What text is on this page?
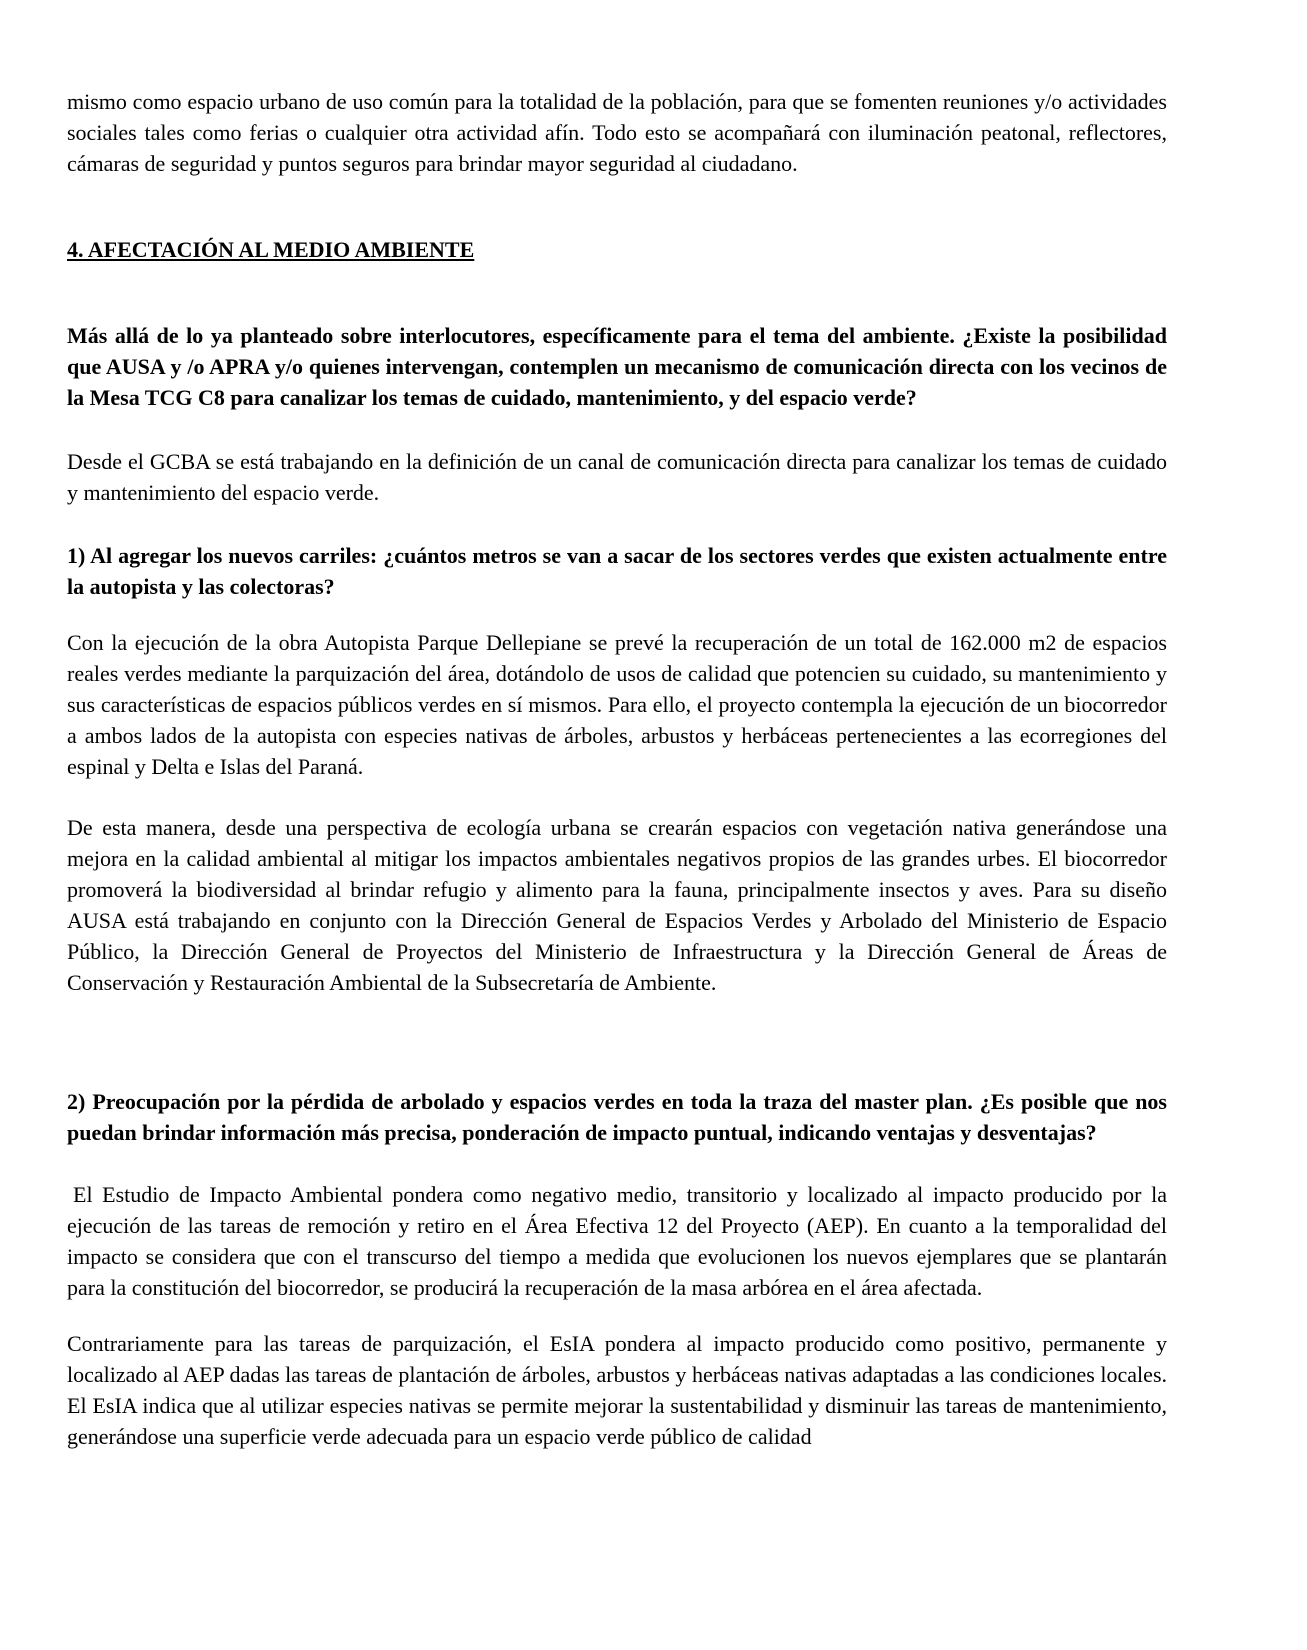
mismo como espacio urbano de uso común para la totalidad de la población, para que se fomenten reuniones y/o actividades sociales tales como ferias o cualquier otra actividad afín. Todo esto se acompañará con iluminación peatonal, reflectores, cámaras de seguridad y puntos seguros para brindar mayor seguridad al ciudadano.

4. AFECTACIÓN AL MEDIO AMBIENTE

Más allá de lo ya planteado sobre interlocutores, específicamente para el tema del ambiente. ¿Existe la posibilidad que AUSA y /o APRA y/o quienes intervengan, contemplen un mecanismo de comunicación directa con los vecinos de la Mesa TCG C8 para canalizar los temas de cuidado, mantenimiento, y del espacio verde?

Desde el GCBA se está trabajando en la definición de un canal de comunicación directa para canalizar los temas de cuidado y mantenimiento del espacio verde.

1) Al agregar los nuevos carriles: ¿cuántos metros se van a sacar de los sectores verdes que existen actualmente entre la autopista y las colectoras?

Con la ejecución de la obra Autopista Parque Dellepiane se prevé la recuperación de un total de 162.000 m2 de espacios reales verdes mediante la parquización del área, dotándolo de usos de calidad que potencien su cuidado, su mantenimiento y sus características de espacios públicos verdes en sí mismos. Para ello, el proyecto contempla la ejecución de un biocorredor a ambos lados de la autopista con especies nativas de árboles, arbustos y herbáceas pertenecientes a las ecorregiones del espinal y Delta e Islas del Paraná.

De esta manera, desde una perspectiva de ecología urbana se crearán espacios con vegetación nativa generándose una mejora en la calidad ambiental al mitigar los impactos ambientales negativos propios de las grandes urbes. El biocorredor promoverá la biodiversidad al brindar refugio y alimento para la fauna, principalmente insectos y aves. Para su diseño AUSA está trabajando en conjunto con la Dirección General de Espacios Verdes y Arbolado del Ministerio de Espacio Público, la Dirección General de Proyectos del Ministerio de Infraestructura y la Dirección General de Áreas de Conservación y Restauración Ambiental de la Subsecretaría de Ambiente.

2) Preocupación por la pérdida de arbolado y espacios verdes en toda la traza del master plan. ¿Es posible que nos puedan brindar información más precisa, ponderación de impacto puntual, indicando ventajas y desventajas?

El Estudio de Impacto Ambiental pondera como negativo medio, transitorio y localizado al impacto producido por la ejecución de las tareas de remoción y retiro en el Área Efectiva 12 del Proyecto (AEP). En cuanto a la temporalidad del impacto se considera que con el transcurso del tiempo a medida que evolucionen los nuevos ejemplares que se plantarán para la constitución del biocorredor, se producirá la recuperación de la masa arbórea en el área afectada.

Contrariamente para las tareas de parquización, el EsIA pondera al impacto producido como positivo, permanente y localizado al AEP dadas las tareas de plantación de árboles, arbustos y herbáceas nativas adaptadas a las condiciones locales. El EsIA indica que al utilizar especies nativas se permite mejorar la sustentabilidad y disminuir las tareas de mantenimiento, generándose una superficie verde adecuada para un espacio verde público de calidad
